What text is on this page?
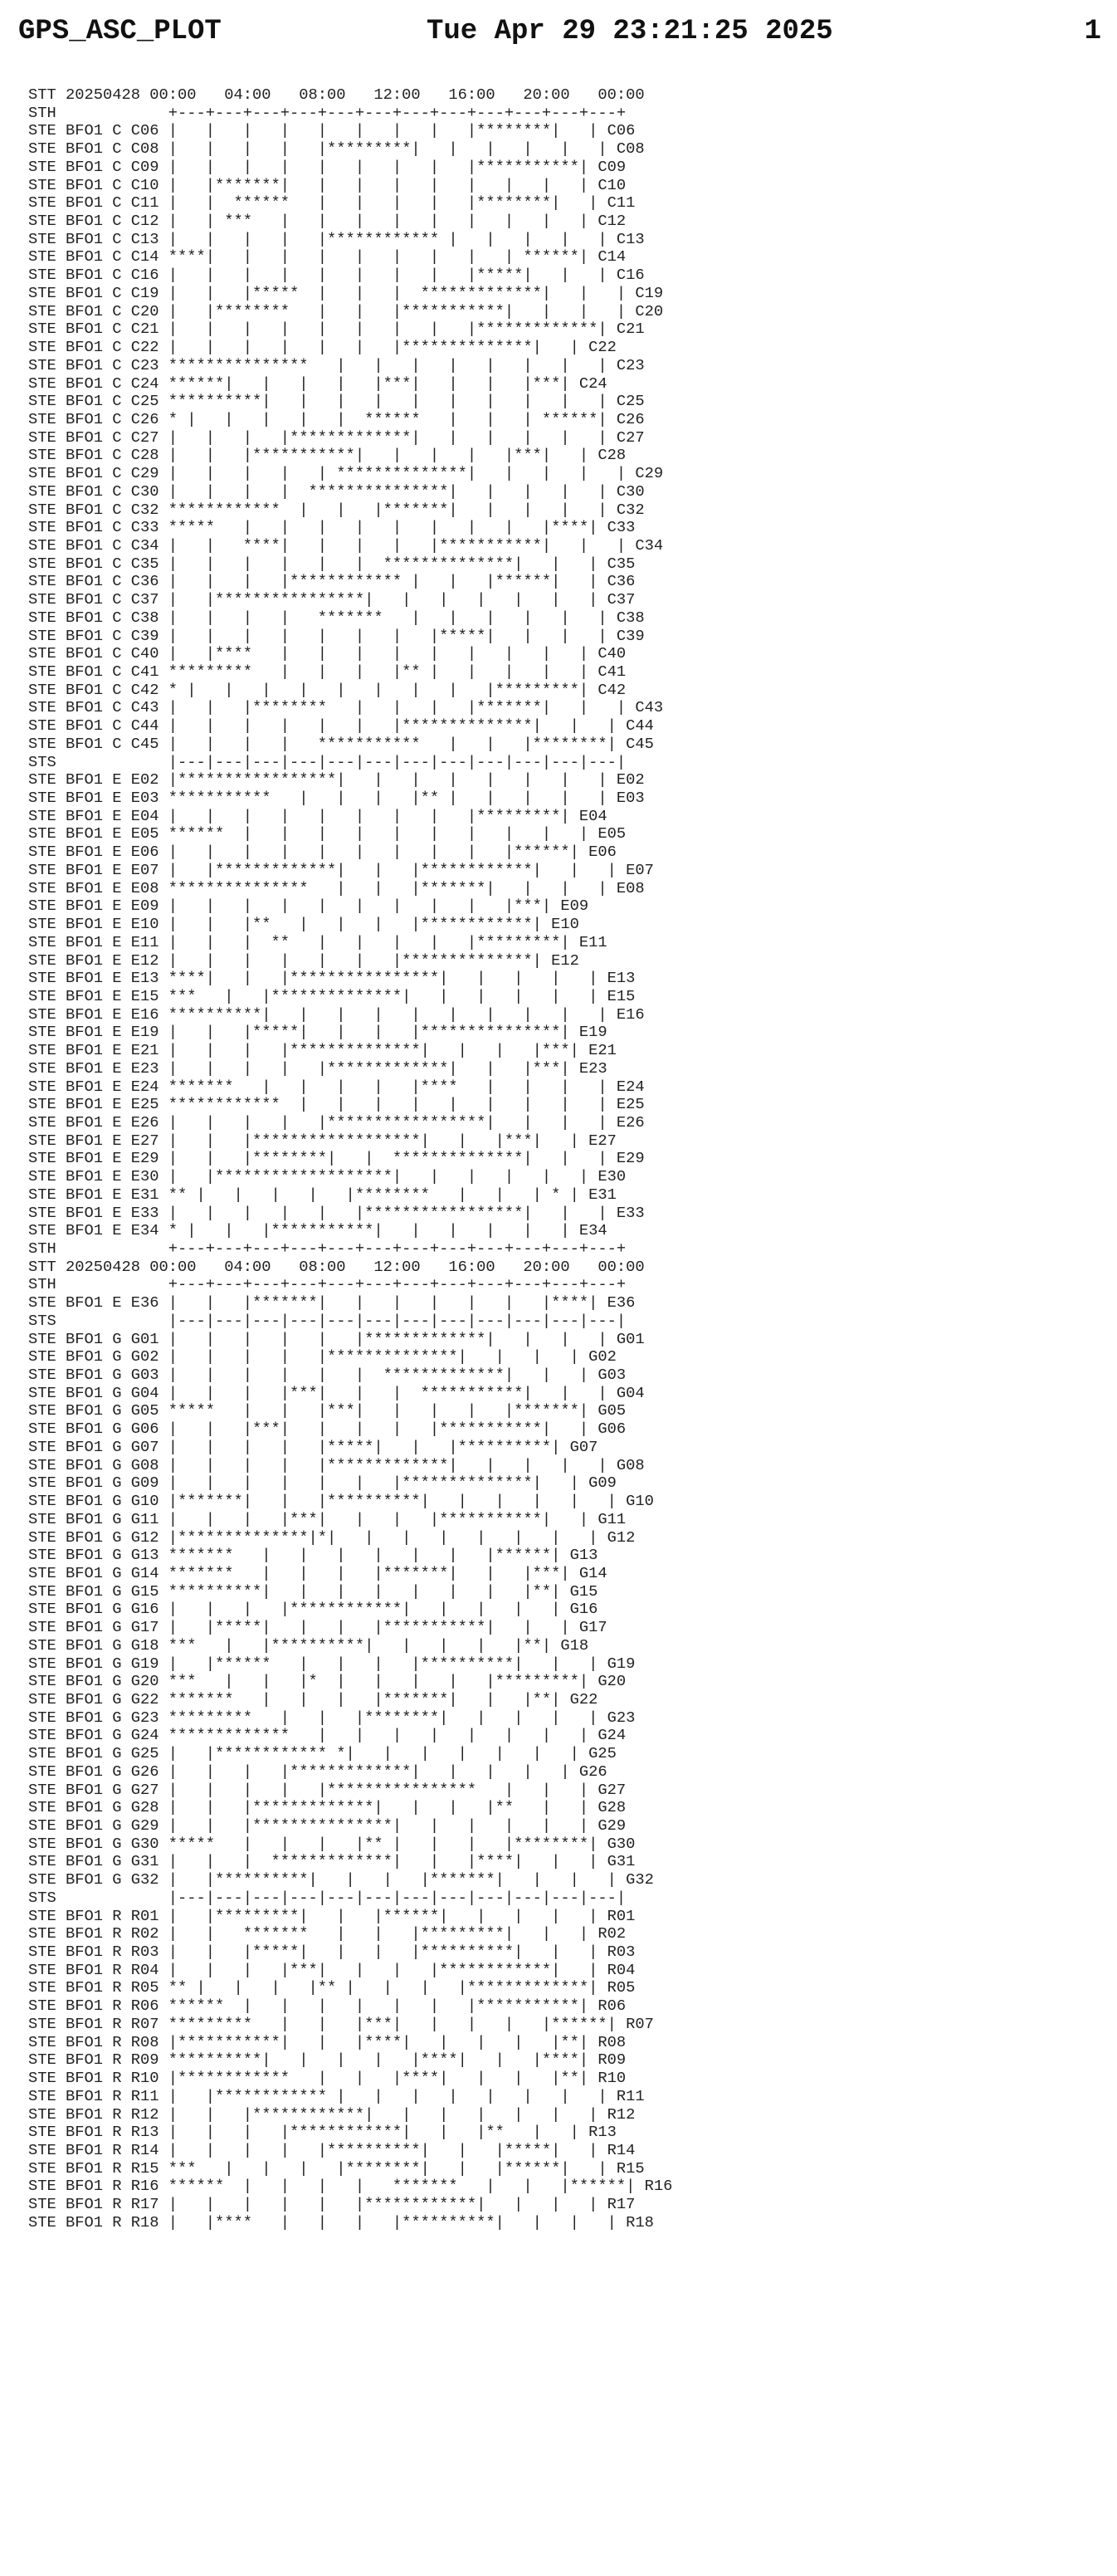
GPS_ASC_PLOT

	Tue Apr 29 23:21:25 2025

	1

STT 20250428 00:00   04:00   08:00   12:00   16:00   20:00   00:00
STH            +---+---+---+---+---+---+---+---+---+---+---+---+
STE BFO1 C C06 |   |   |   |   |   |   |   |   |********|   | C06
STE BFO1 C C08 |   |   |   |   |*********|   |   |   |   |   | C08
STE BFO1 C C09 |   |   |   |   |   |   |   |   |***********| C09
STE BFO1 C C10 |   |*******|   |   |   |   |   |   |   |   | C10
STE BFO1 C C11 |   |  ******   |   |   |   |   |********|   | C11
STE BFO1 C C12 |   | ***   |   |   |   |   |   |   |   |   | C12
STE BFO1 C C13 |   |   |   |   |************ |   |   |   |   | C13
STE BFO1 C C14 ****|   |   |   |   |   |   |   |   | ******| C14
STE BFO1 C C16 |   |   |   |   |   |   |   |   |*****|   |   | C16
STE BFO1 C C19 |   |   |*****  |   |   |  *************|   |   | C19
STE BFO1 C C20 |   |********   |   |   |***********|   |   |   | C20
STE BFO1 C C21 |   |   |   |   |   |   |   |   |*************| C21
STE BFO1 C C22 |   |   |   |   |   |   |**************|   | C22
STE BFO1 C C23 ***************   |   |   |   |   |   |   |   | C23
STE BFO1 C C24 ******|   |   |   |   |***|   |   |   |***| C24
STE BFO1 C C25 **********|   |   |   |   |   |   |   |   |   | C25
STE BFO1 C C26 * |   |   |   |   |  ******   |   |   | ******| C26
STE BFO1 C C27 |   |   |   |*************|   |   |   |   |   | C27
STE BFO1 C C28 |   |   |***********|   |   |   |   |***|   | C28
STE BFO1 C C29 |   |   |   |   | **************|   |   |   |   | C29
STE BFO1 C C30 |   |   |   |  ***************|   |   |   |   | C30
STE BFO1 C C32 ************  |   |   |*******|   |   |   |   | C32
STE BFO1 C C33 *****   |   |   |   |   |   |   |   |   |****| C33
STE BFO1 C C34 |   |   ****|   |   |   |   |***********|   |   | C34
STE BFO1 C C35 |   |   |   |   |   |  **************|   |   | C35
STE BFO1 C C36 |   |   |   |************ |   |   |******|   | C36
STE BFO1 C C37 |   |****************|   |   |   |   |   |   | C37
STE BFO1 C C38 |   |   |   |   *******   |   |   |   |   |   | C38
STE BFO1 C C39 |   |   |   |   |   |   |   |*****|   |   |   | C39
STE BFO1 C C40 |   |****   |   |   |   |   |   |   |   |   | C40
STE BFO1 C C41 *********   |   |   |   |** |   |   |   |   | C41
STE BFO1 C C42 * |   |   |   |   |   |   |   |   |*********| C42
STE BFO1 C C43 |   |   |********   |   |   |   |*******|   |   | C43
STE BFO1 C C44 |   |   |   |   |   |   |**************|   |   | C44
STE BFO1 C C45 |   |   |   |   ***********   |   |   |********| C45
STS            |---|---|---|---|---|---|---|---|---|---|---|---|
STE BFO1 E E02 |*****************|   |   |   |   |   |   |   | E02
STE BFO1 E E03 ***********   |   |   |   |** |   |   |   |   | E03
STE BFO1 E E04 |   |   |   |   |   |   |   |   |*********| E04
STE BFO1 E E05 ******  |   |   |   |   |   |   |   |   |   | E05
STE BFO1 E E06 |   |   |   |   |   |   |   |   |   |******| E06
STE BFO1 E E07 |   |*************|   |   |************|   |   | E07
STE BFO1 E E08 ***************   |   |   |*******|   |   |   | E08
STE BFO1 E E09 |   |   |   |   |   |   |   |   |   |***| E09
STE BFO1 E E10 |   |   |**   |   |   |   |************| E10
STE BFO1 E E11 |   |   |  **   |   |   |   |   |*********| E11
STE BFO1 E E12 |   |   |   |   |   |   |**************| E12
STE BFO1 E E13 ****|   |   |****************|   |   |   |   | E13
STE BFO1 E E15 ***   |   |**************|   |   |   |   |   | E15
STE BFO1 E E16 **********|   |   |   |   |   |   |   |   |   | E16
STE BFO1 E E19 |   |   |*****|   |   |   |***************| E19
STE BFO1 E E21 |   |   |   |**************|   |   |   |***| E21
STE BFO1 E E23 |   |   |   |   |*************|   |   |***| E23
STE BFO1 E E24 *******   |   |   |   |   |****   |   |   |   | E24
STE BFO1 E E25 ************  |   |   |   |   |   |   |   |   | E25
STE BFO1 E E26 |   |   |   |   |*****************|   |   |   | E26
STE BFO1 E E27 |   |   |******************|   |   |***|   | E27
STE BFO1 E E29 |   |   |********|   |  **************|   |   | E29
STE BFO1 E E30 |   |*******************|   |   |   |   |   | E30
STE BFO1 E E31 ** |   |   |   |   |********   |   |   | * | E31
STE BFO1 E E33 |   |   |   |   |   |*****************|   |   | E33
STE BFO1 E E34 * |   |   |***********|   |   |   |   |   | E34
STH            +---+---+---+---+---+---+---+---+---+---+---+---+
STT 20250428 00:00   04:00   08:00   12:00   16:00   20:00   00:00
STH            +---+---+---+---+---+---+---+---+---+---+---+---+
STE BFO1 E E36 |   |   |*******|   |   |   |   |   |   |****| E36
STS            |---|---|---|---|---|---|---|---|---|---|---|---|
STE BFO1 G G01 |   |   |   |   |   |*************|   |   |   | G01
STE BFO1 G G02 |   |   |   |   |**************|   |   |   | G02
STE BFO1 G G03 |   |   |   |   |   |  *************|   |   | G03
STE BFO1 G G04 |   |   |   |***|   |   |  ***********|   |   | G04
STE BFO1 G G05 *****   |   |   |***|   |   |   |   |*******| G05
STE BFO1 G G06 |   |   |***|   |   |   |   |***********|   | G06
STE BFO1 G G07 |   |   |   |   |*****|   |   |**********| G07
STE BFO1 G G08 |   |   |   |   |*************|   |   |   |   | G08
STE BFO1 G G09 |   |   |   |   |   |   |**************|   | G09
STE BFO1 G G10 |*******|   |   |**********|   |   |   |   |   | G10
STE BFO1 G G11 |   |   |   |***|   |   |   |***********|   | G11
STE BFO1 G G12 |**************|*|   |   |   |   |   |   |   | G12
STE BFO1 G G13 *******   |   |   |   |   |   |   |******| G13
STE BFO1 G G14 *******   |   |   |   |*******|   |   |***| G14
STE BFO1 G G15 **********|   |   |   |   |   |   |   |**| G15
STE BFO1 G G16 |   |   |   |************|   |   |   |   | G16
STE BFO1 G G17 |   |*****|   |   |   |***********|   |   | G17
STE BFO1 G G18 ***   |   |**********|   |   |   |   |**| G18
STE BFO1 G G19 |   |******   |   |   |   |**********|   |   | G19
STE BFO1 G G20 ***   |   |   |*  |   |   |   |   |*********| G20
STE BFO1 G G22 *******   |   |   |   |*******|   |   |**| G22
STE BFO1 G G23 *********   |   |   |********|   |   |   |   | G23
STE BFO1 G G24 *************   |   |   |   |   |   |   |   | G24
STE BFO1 G G25 |   |************ *|   |   |   |   |   |   | G25
STE BFO1 G G26 |   |   |   |*************|   |   |   |   | G26
STE BFO1 G G27 |   |   |   |   |****************   |   |   | G27
STE BFO1 G G28 |   |   |*************|   |   |   |**   |   | G28
STE BFO1 G G29 |   |   |***************|   |   |   |   |   | G29
STE BFO1 G G30 *****   |   |   |   |** |   |   |   |********| G30
STE BFO1 G G31 |   |   |  *************|   |   |****|   |   | G31
STE BFO1 G G32 |   |**********|   |   |   |*******|   |   |   | G32
STS            |---|---|---|---|---|---|---|---|---|---|---|---|
STE BFO1 R R01 |   |*********|   |   |******|   |   |   |   | R01
STE BFO1 R R02 |   |   *******   |   |   |*********|   |   | R02
STE BFO1 R R03 |   |   |*****|   |   |   |**********|   |   | R03
STE BFO1 R R04 |   |   |   |***|   |   |   |************|   | R04
STE BFO1 R R05 ** |   |   |   |** |   |   |   |*************| R05
STE BFO1 R R06 ******  |   |   |   |   |   |   |***********| R06
STE BFO1 R R07 *********   |   |   |***|   |   |   |   |******| R07
STE BFO1 R R08 |***********|   |   |****|   |   |   |   |**| R08
STE BFO1 R R09 **********|   |   |   |   |****|   |   |****| R09
STE BFO1 R R10 |************   |   |   |****|   |   |   |**| R10
STE BFO1 R R11 |   |************ |   |   |   |   |   |   |   | R11
STE BFO1 R R12 |   |   |************|   |   |   |   |   |   | R12
STE BFO1 R R13 |   |   |   |************|   |   |**   |   | R13
STE BFO1 R R14 |   |   |   |   |**********|   |   |*****|   | R14
STE BFO1 R R15 ***   |   |   |   |********|   |   |******|   | R15
STE BFO1 R R16 ******  |   |   |   |   *******   |   |   |******| R16
STE BFO1 R R17 |   |   |   |   |   |************|   |   |   | R17
STE BFO1 R R18 |   |****   |   |   |   |**********|   |   |   | R18
